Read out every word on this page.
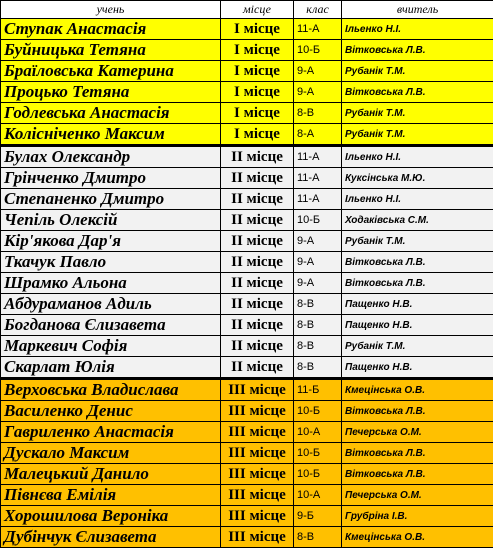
учень	місце	клас	вчитель
Ступак Анастасія	І місце	11-А	Ільенко Н.І.
Буйницька Тетяна	І місце	10-Б	Вітковська Л.В.
Браїловська Катерина	І місце	9-А	Рубанік Т.М.
Процько Тетяна	І місце	9-А	Вітковська Л.В.
Годлевська Анастасія	І місце	8-В	Рубанік Т.М.
Колісніченко Максим	І місце	8-А	Рубанік Т.М.
Булах Олександр	ІІ місце	11-А	Ільенко Н.І.
Грінченко Дмитро	ІІ місце	11-А	Куксінська М.Ю.
Степаненко Дмитро	ІІ місце	11-А	Ільенко Н.І.
Чепіль Олексій	ІІ місце	10-Б	Ходаківська С.М.
Кір'якова Дар'я	ІІ місце	9-А	Рубанік Т.М.
Ткачук Павло	ІІ місце	9-А	Вітковська Л.В.
Шрамко Альона	ІІ місце	9-А	Вітковська Л.В.
Абдураманов Адиль	ІІ місце	8-В	Пащенко Н.В.
Богданова Єлизавета	ІІ місце	8-В	Пащенко Н.В.
Маркевич Софія	ІІ місце	8-В	Рубанік Т.М.
Скарлат Юлія	ІІ місце	8-В	Пащенко Н.В.
Верховська Владислава	ІІІ місце	11-Б	Кмецінська О.В.
Василенко Денис	ІІІ місце	10-Б	Вітковська Л.В.
Гавриленко Анастасія	ІІІ місце	10-А	Печерська О.М.
Дускало Максим	ІІІ місце	10-Б	Вітковська Л.В.
Малецький Данило	ІІІ місце	10-Б	Вітковська Л.В.
Півнєва Емілія	ІІІ місце	10-А	Печерська О.М.
Хорошилова Вероніка	ІІІ місце	9-Б	Грубріна І.В.
Дубінчук Єлизавета	ІІІ місце	8-В	Кмецінська О.В.
